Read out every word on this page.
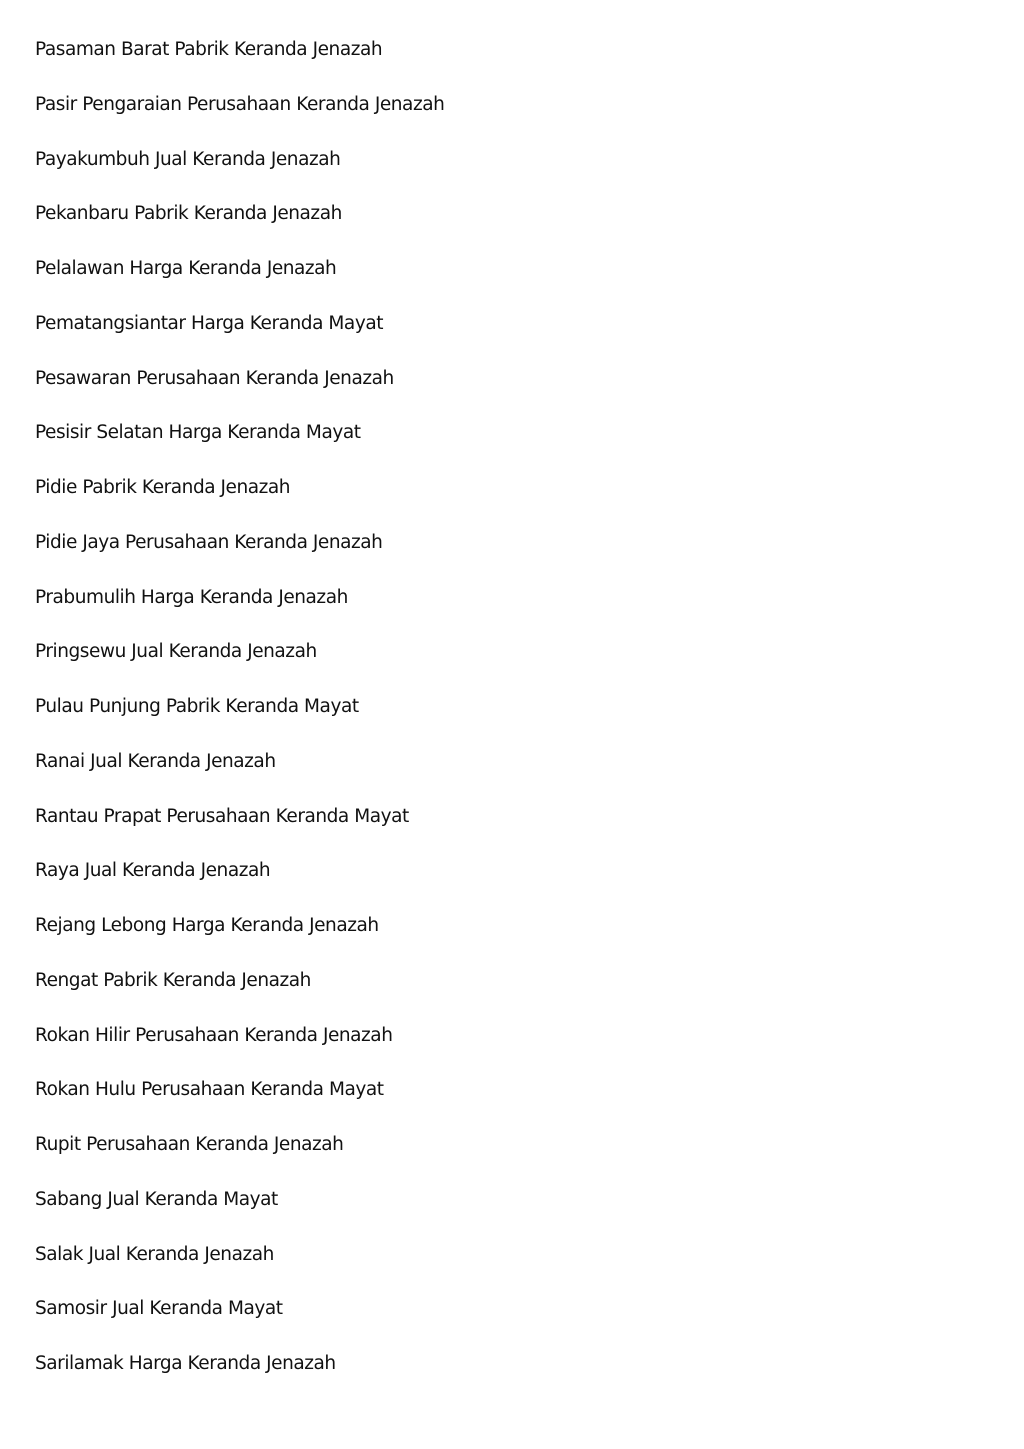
Pasaman Barat Pabrik Keranda Jenazah
Pasir Pengaraian Perusahaan Keranda Jenazah
Payakumbuh Jual Keranda Jenazah
Pekanbaru Pabrik Keranda Jenazah
Pelalawan Harga Keranda Jenazah
Pematangsiantar Harga Keranda Mayat
Pesawaran Perusahaan Keranda Jenazah
Pesisir Selatan Harga Keranda Mayat
Pidie Pabrik Keranda Jenazah
Pidie Jaya Perusahaan Keranda Jenazah
Prabumulih Harga Keranda Jenazah
Pringsewu Jual Keranda Jenazah
Pulau Punjung Pabrik Keranda Mayat
Ranai Jual Keranda Jenazah
Rantau Prapat Perusahaan Keranda Mayat
Raya Jual Keranda Jenazah
Rejang Lebong Harga Keranda Jenazah
Rengat Pabrik Keranda Jenazah
Rokan Hilir Perusahaan Keranda Jenazah
Rokan Hulu Perusahaan Keranda Mayat
Rupit Perusahaan Keranda Jenazah
Sabang Jual Keranda Mayat
Salak Jual Keranda Jenazah
Samosir Jual Keranda Mayat
Sarilamak Harga Keranda Jenazah
